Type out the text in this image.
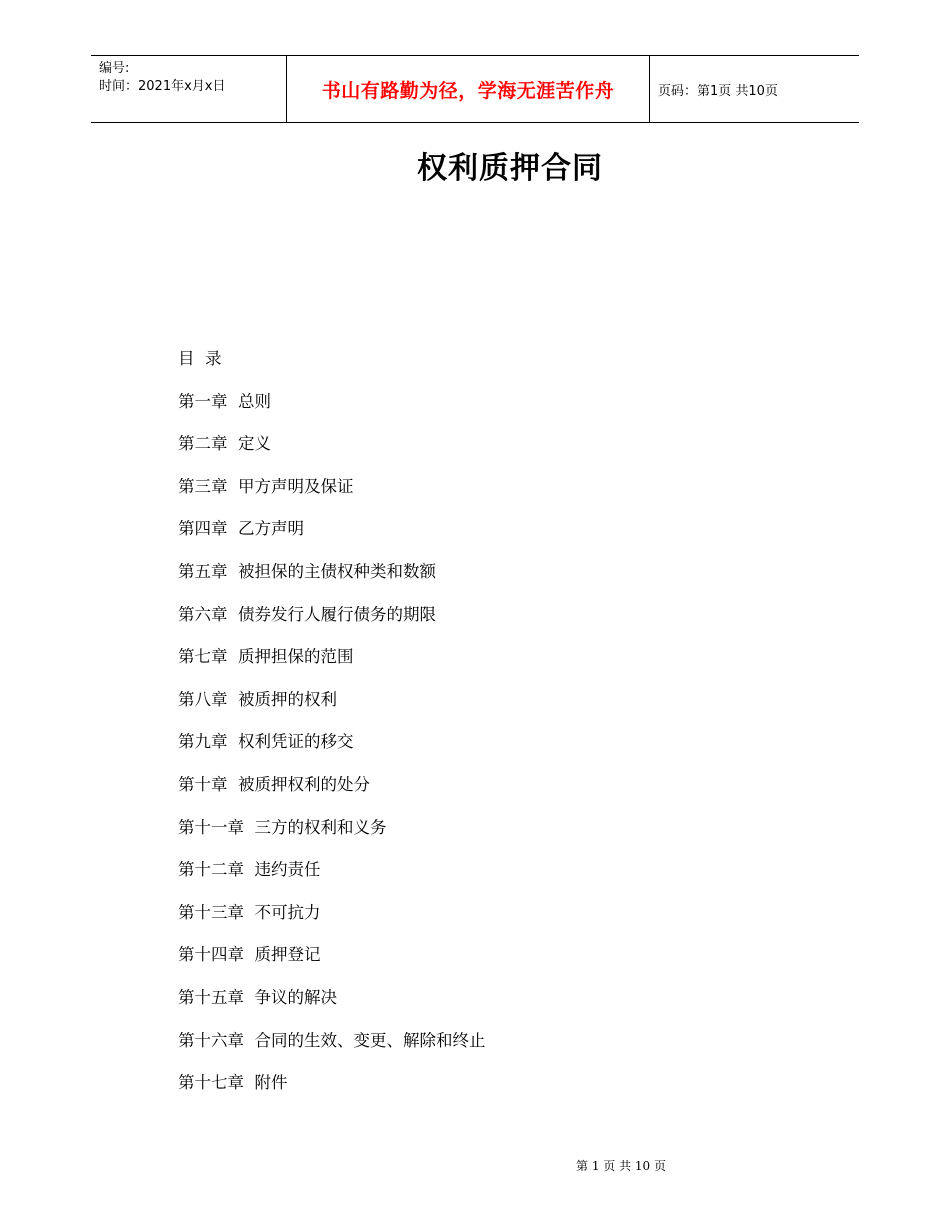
编号:
时间：2021年x月x日	书山有路勤为径，学海无涯苦作舟	页码：第1页 共10页
权利质押合同
目  录
第一章  总则
第二章  定义
第三章  甲方声明及保证
第四章  乙方声明
第五章  被担保的主债权种类和数额
第六章  债券发行人履行债务的期限
第七章  质押担保的范围
第八章  被质押的权利
第九章  权利凭证的移交
第十章  被质押权利的处分
第十一章  三方的权利和义务
第十二章  违约责任
第十三章  不可抗力
第十四章  质押登记
第十五章  争议的解决
第十六章  合同的生效、变更、解除和终止
第十七章  附件
第 1 页 共 10 页
